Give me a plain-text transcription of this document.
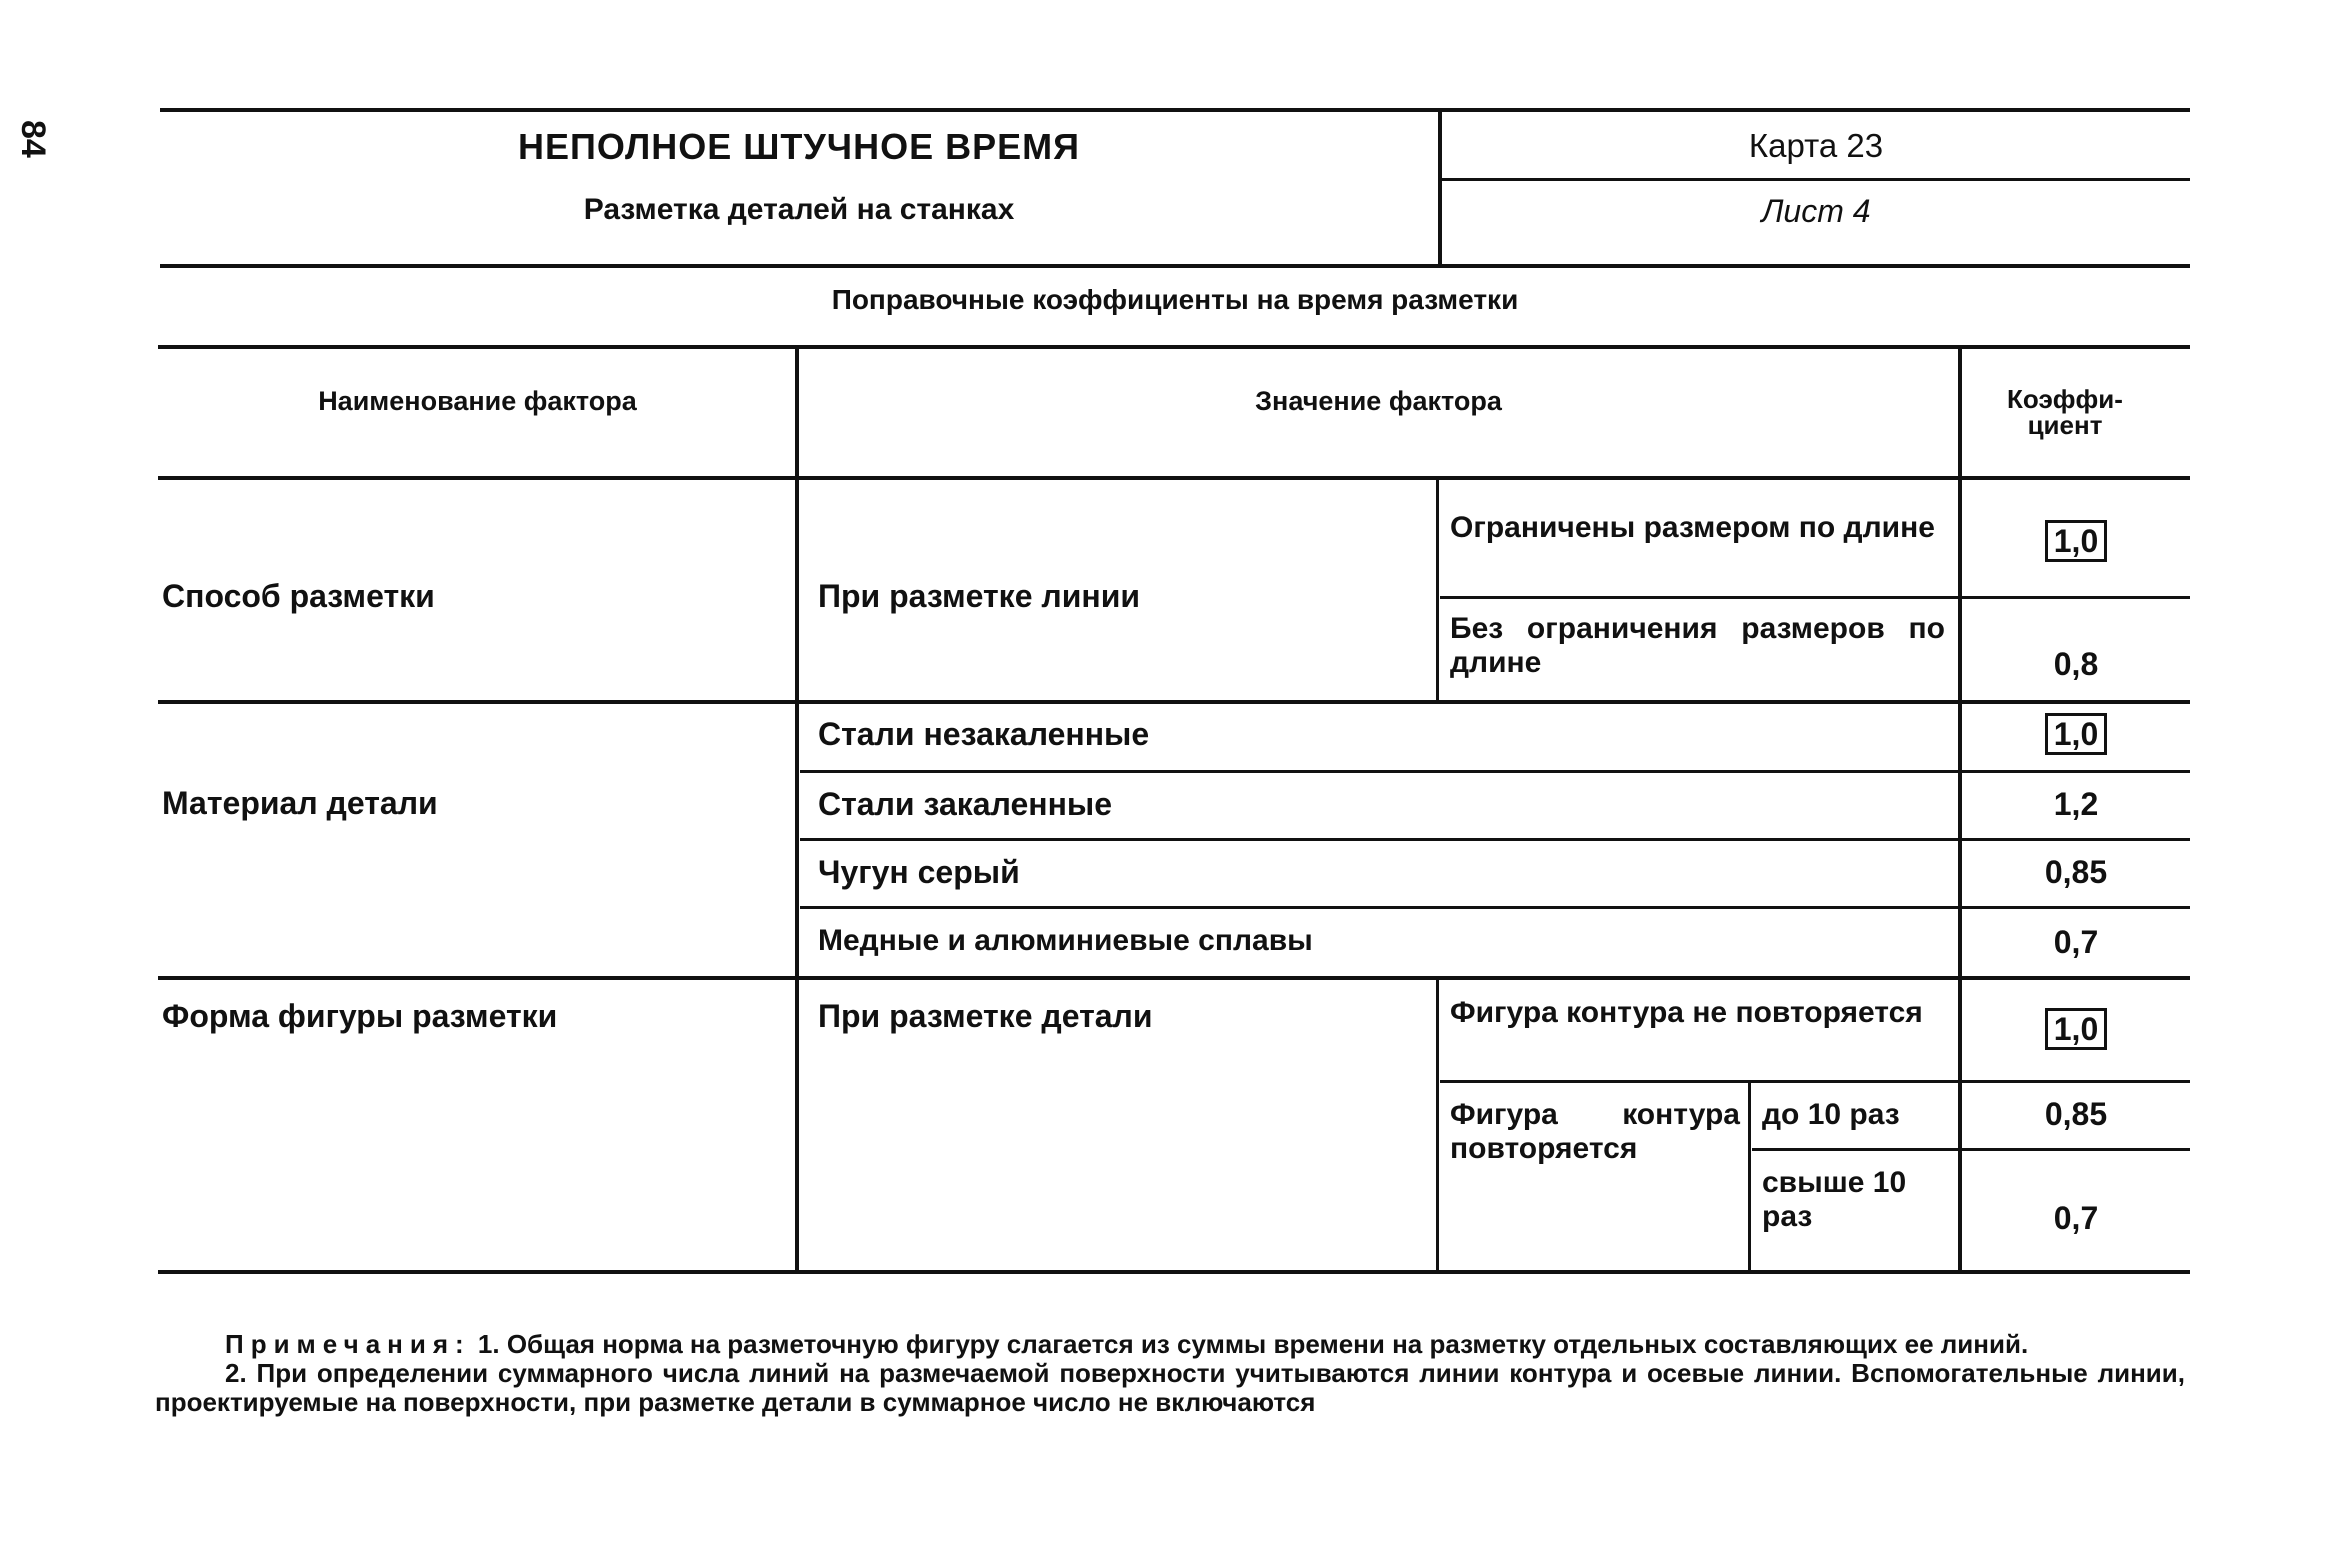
84	НЕПОЛНОЕ ШТУЧНОЕ ВРЕМЯ
Разметка деталей на станках
Карта 23
Лист 4
Поправочные коэффициенты на время разметки
Наименование фактора	Значение фактора	Коэффи-циент
Способ разметки	При разметке линии
Ограничены размером по длине	1,0
Без ограничения размеров по длине	0,8
Материал детали
Стали незакаленные	1,0
Стали закаленные	1,2
Чугун серый	0,85
Медные и алюминиевые сплавы	0,7
Форма фигуры разметки	При разметке детали	Фигура контура не повторяется	1,0
Фигура контура повторяется
до 10 раз	0,85
свыше 10 раз	0,7

Примечания: 1. Общая норма на разметочную фигуру слагается из суммы времени на разметку отдельных составляющих ее линий.

2. При определении суммарного числа линий на размечаемой поверхности учитываются линии контура и осевые линии. Вспомогательные линии, проектируемые на поверхности, при разметке детали в суммарное число не включаются
